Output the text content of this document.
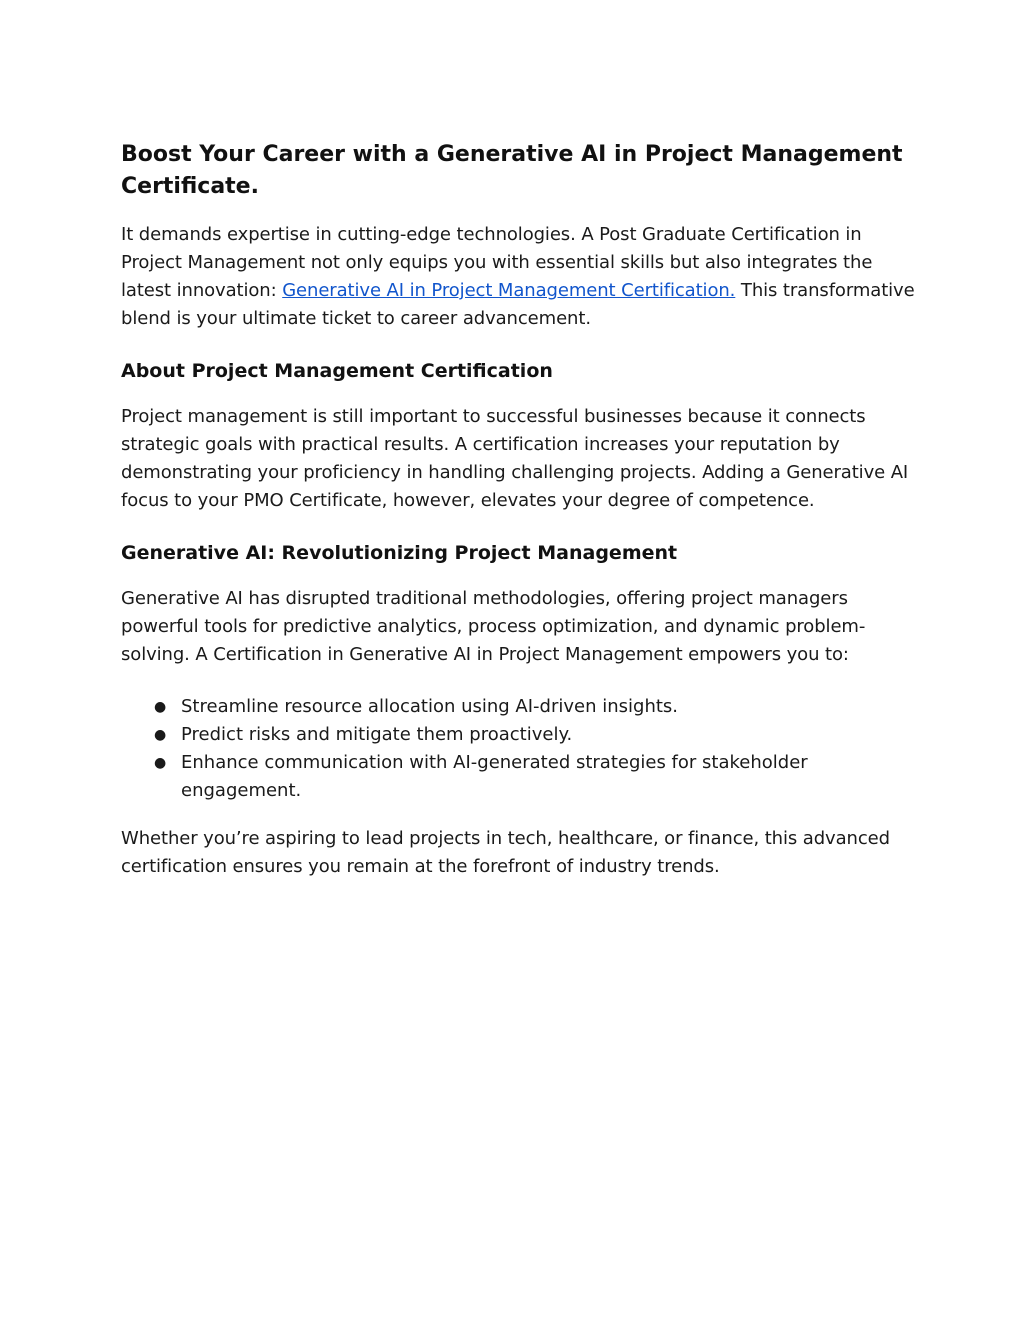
Boost Your Career with a Generative AI in Project Management Certificate.

It demands expertise in cutting-edge technologies. A Post Graduate Certification in Project Management not only equips you with essential skills but also integrates the latest innovation: Generative AI in Project Management Certification. This transformative blend is your ultimate ticket to career advancement.

About Project Management Certification

Project management is still important to successful businesses because it connects strategic goals with practical results. A certification increases your reputation by demonstrating your proficiency in handling challenging projects. Adding a Generative AI focus to your PMO Certificate, however, elevates your degree of competence.

Generative AI: Revolutionizing Project Management

Generative AI has disrupted traditional methodologies, offering project managers powerful tools for predictive analytics, process optimization, and dynamic problem-solving. A Certification in Generative AI in Project Management empowers you to:

● Streamline resource allocation using AI-driven insights.
● Predict risks and mitigate them proactively.
● Enhance communication with AI-generated strategies for stakeholder engagement.

Whether you’re aspiring to lead projects in tech, healthcare, or finance, this advanced certification ensures you remain at the forefront of industry trends.
